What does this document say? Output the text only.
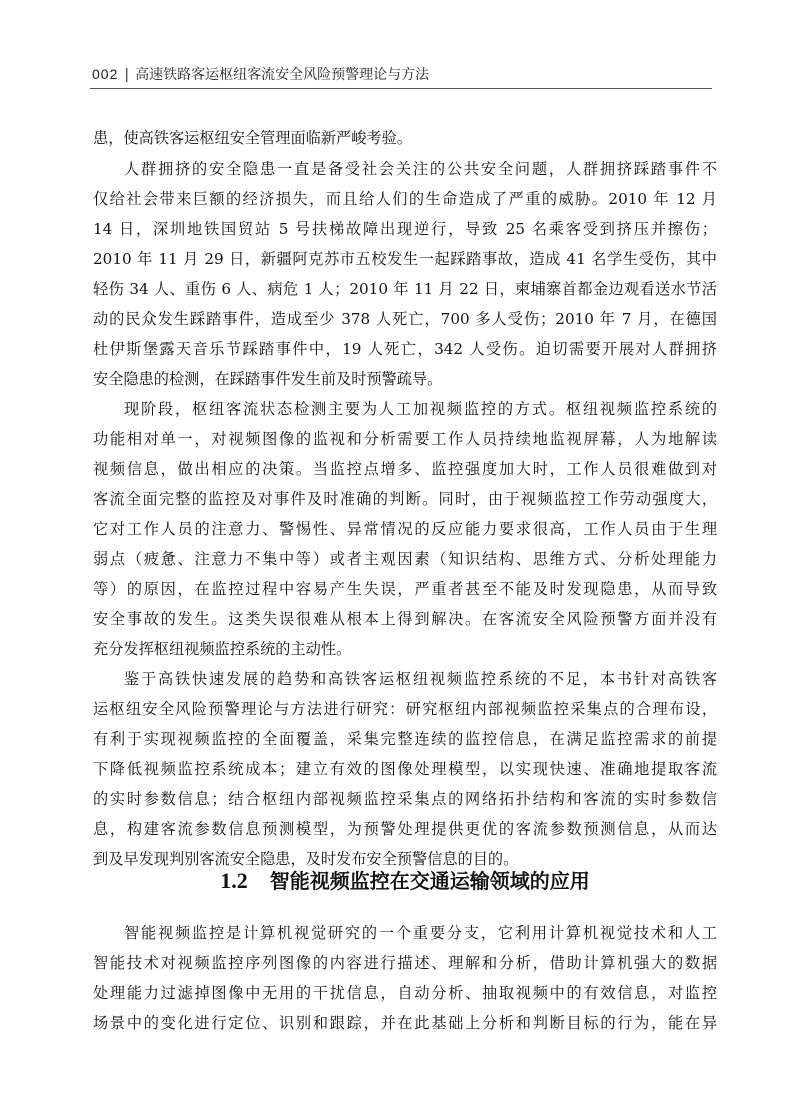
002 | 高速铁路客运枢纽客流安全风险预警理论与方法
患，使高铁客运枢纽安全管理面临新严峻考验。
人群拥挤的安全隐患一直是备受社会关注的公共安全问题，人群拥挤踩踏事件不
仅给社会带来巨额的经济损失，而且给人们的生命造成了严重的威胁。2010 年 12 月
14 日，深圳地铁国贸站 5 号扶梯故障出现逆行，导致 25 名乘客受到挤压并擦伤；
2010 年 11 月 29 日，新疆阿克苏市五校发生一起踩踏事故，造成 41 名学生受伤，其中
轻伤 34 人、重伤 6 人、病危 1 人；2010 年 11 月 22 日，柬埔寨首都金边观看送水节活
动的民众发生踩踏事件，造成至少 378 人死亡，700 多人受伤；2010 年 7 月，在德国
杜伊斯堡露天音乐节踩踏事件中，19 人死亡，342 人受伤。迫切需要开展对人群拥挤
安全隐患的检测，在踩踏事件发生前及时预警疏导。
现阶段，枢纽客流状态检测主要为人工加视频监控的方式。枢纽视频监控系统的
功能相对单一，对视频图像的监视和分析需要工作人员持续地监视屏幕，人为地解读
视频信息，做出相应的决策。当监控点增多、监控强度加大时，工作人员很难做到对
客流全面完整的监控及对事件及时准确的判断。同时，由于视频监控工作劳动强度大，
它对工作人员的注意力、警惕性、异常情况的反应能力要求很高，工作人员由于生理
弱点（疲惫、注意力不集中等）或者主观因素（知识结构、思维方式、分析处理能力
等）的原因，在监控过程中容易产生失误，严重者甚至不能及时发现隐患，从而导致
安全事故的发生。这类失误很难从根本上得到解决。在客流安全风险预警方面并没有
充分发挥枢纽视频监控系统的主动性。
鉴于高铁快速发展的趋势和高铁客运枢纽视频监控系统的不足，本书针对高铁客
运枢纽安全风险预警理论与方法进行研究：研究枢纽内部视频监控采集点的合理布设，
有利于实现视频监控的全面覆盖，采集完整连续的监控信息，在满足监控需求的前提
下降低视频监控系统成本；建立有效的图像处理模型，以实现快速、准确地提取客流
的实时参数信息；结合枢纽内部视频监控采集点的网络拓扑结构和客流的实时参数信
息，构建客流参数信息预测模型，为预警处理提供更优的客流参数预测信息，从而达
到及早发现判别客流安全隐患，及时发布安全预警信息的目的。
1.2 智能视频监控在交通运输领域的应用
智能视频监控是计算机视觉研究的一个重要分支，它利用计算机视觉技术和人工
智能技术对视频监控序列图像的内容进行描述、理解和分析，借助计算机强大的数据
处理能力过滤掉图像中无用的干扰信息，自动分析、抽取视频中的有效信息，对监控
场景中的变化进行定位、识别和跟踪，并在此基础上分析和判断目标的行为，能在异
